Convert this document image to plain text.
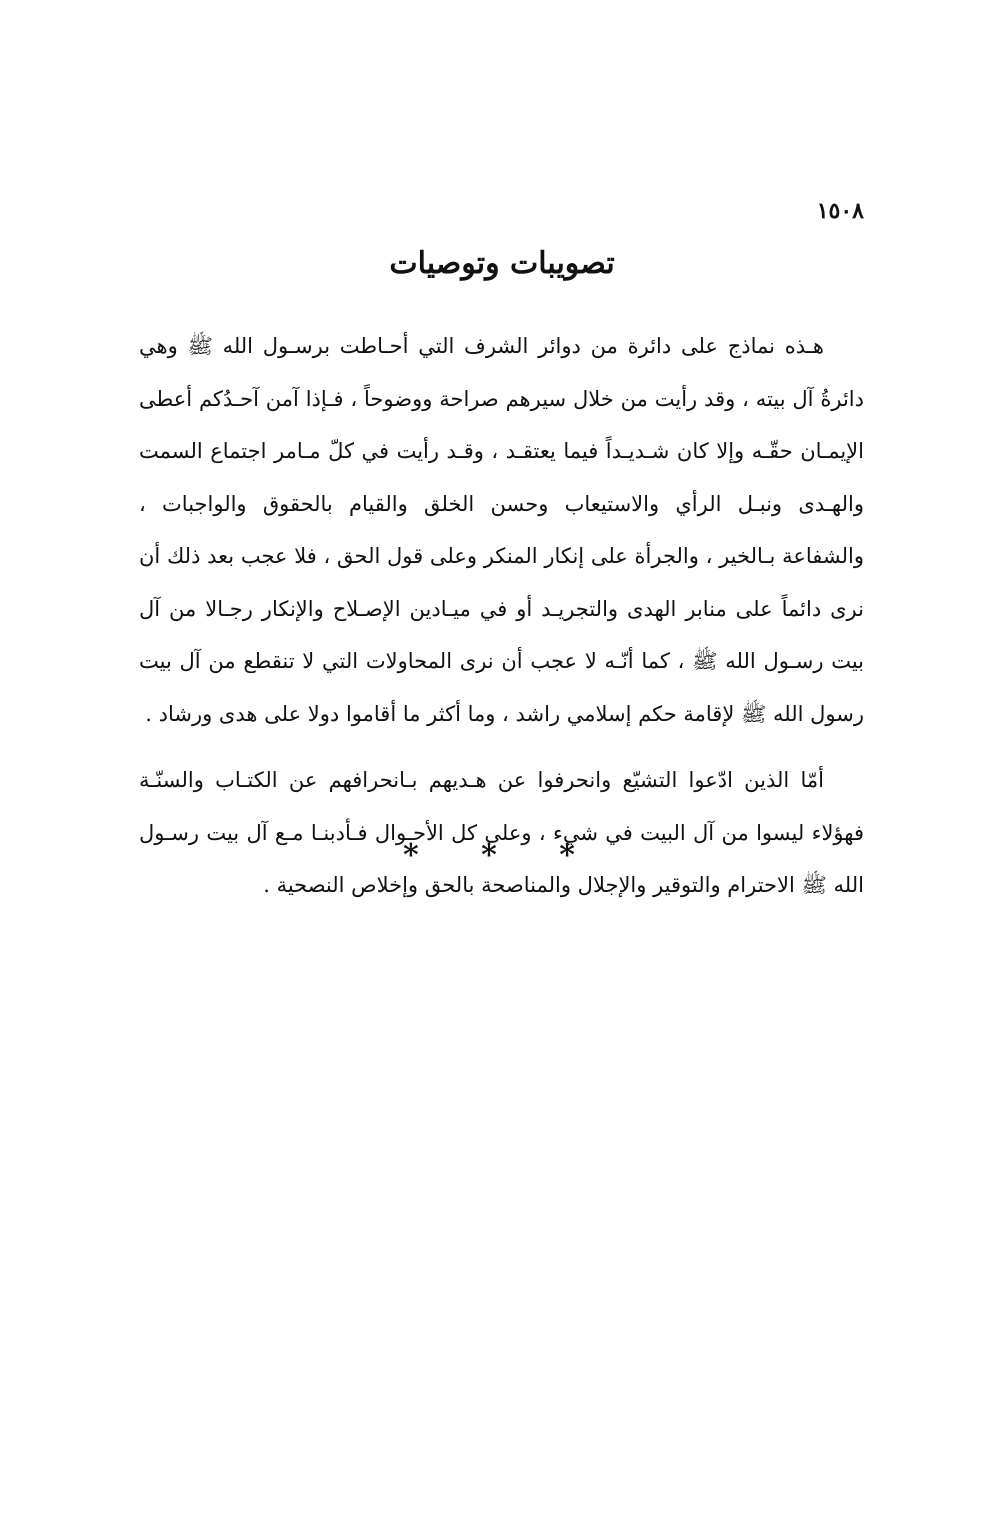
١٥٠٨
تصويبات وتوصيات

هـذه نماذج على دائرة من دوائر الشرف التي أحـاطت برسـول الله ﷺ وهي دائرةُ آل بيته ، وقد رأيت من خلال سيرهم صراحة ووضوحاً ، فـإذا آمن آحـدُكم أعطى الإيمـان حقّـه وإلا كان شـديـداً فيما يعتقـد ، وقـد رأيت في كلّ مـامر اجتماع السمت والهـدى ونبـل الرأي والاستيعاب وحسن الخلق والقيام بالحقوق والواجبات ، والشفاعة بـالخير ، والجرأة على إنكار المنكر وعلى قول الحق ، فلا عجب بعد ذلك أن نرى دائماً على منابر الهدى والتجريـد أو في ميـادين الإصـلاح والإنكار رجـالا من آل بيت رسـول الله ﷺ ، كما أنّـه لا عجب أن نرى المحاولات التي لا تنقطع من آل بيت رسول الله ﷺ لإقامة حكم إسلامي راشد ، وما أكثر ما أقاموا دولا على هدى ورشاد .

أمّا الذين ادّعوا التشيّع وانحرفوا عن هـديهم بـانحرافهم عن الكتـاب والسنّـة فهؤلاء ليسوا من آل البيت في شيء ، وعلى كل الأحـوال فـأدبنـا مـع آل بيت رسـول الله ﷺ الاحترام والتوقير والإجلال والمناصحة بالحق وإخلاص النصحية .

* * *
